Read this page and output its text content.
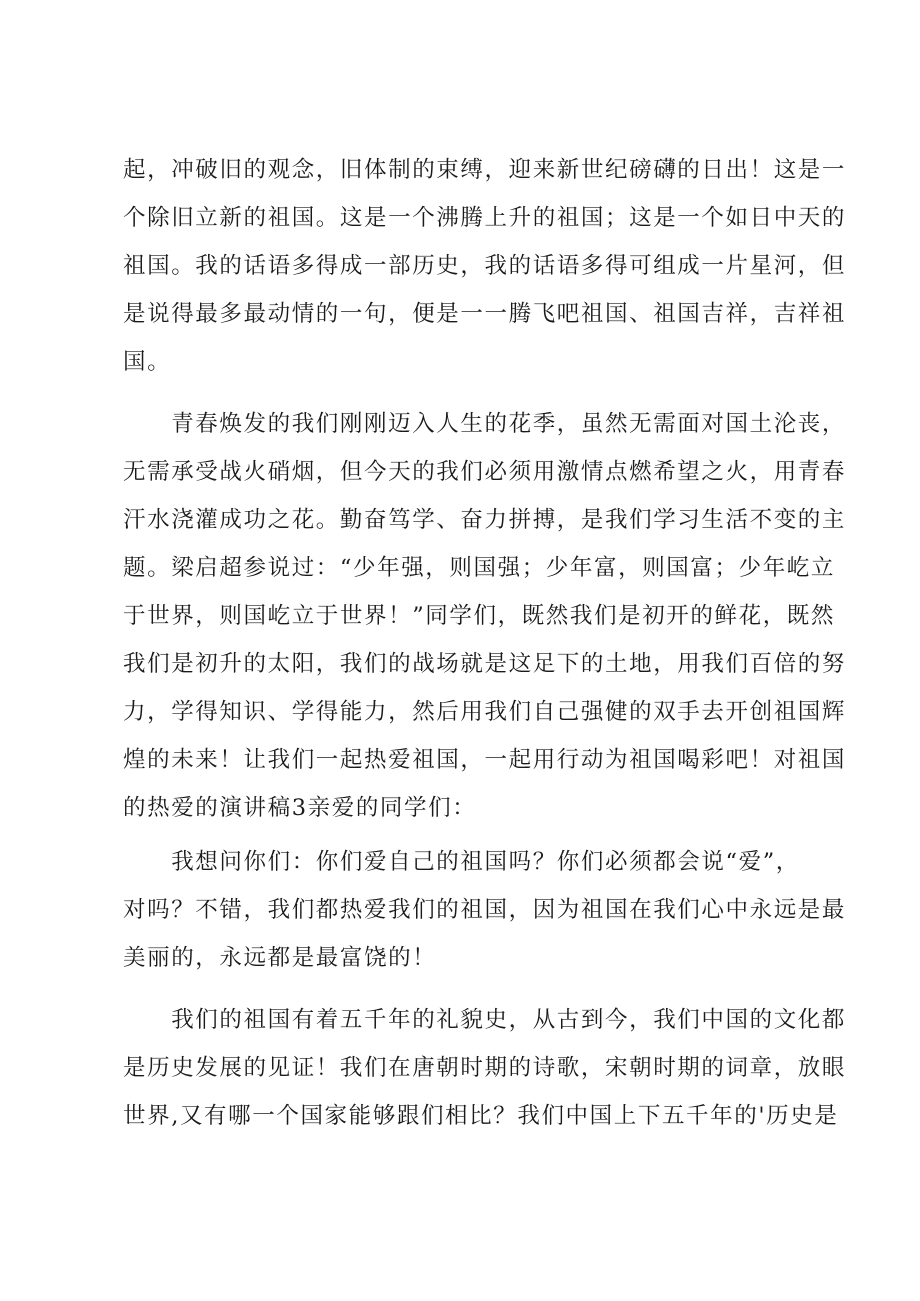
起，冲破旧的观念，旧体制的束缚，迎来新世纪磅礴的日出！这是一
个除旧立新的祖国。这是一个沸腾上升的祖国；这是一个如日中天的
祖国。我的话语多得成一部历史，我的话语多得可组成一片星河，但
是说得最多最动情的一句，便是一一腾飞吧祖国、祖国吉祥，吉祥祖
国。
　　青春焕发的我们刚刚迈入人生的花季，虽然无需面对国土沦丧，
无需承受战火硝烟，但今天的我们必须用激情点燃希望之火，用青春
汗水浇灌成功之花。勤奋笃学、奋力拼搏，是我们学习生活不变的主
题。梁启超参说过：“少年强，则国强；少年富，则国富；少年屹立
于世界，则国屹立于世界！”同学们，既然我们是初开的鲜花，既然
我们是初升的太阳，我们的战场就是这足下的土地，用我们百倍的努
力，学得知识、学得能力，然后用我们自己强健的双手去开创祖国辉
煌的未来！让我们一起热爱祖国，一起用行动为祖国喝彩吧！对祖国
的热爱的演讲稿3亲爱的同学们：
　　我想问你们：你们爱自己的祖国吗？你们必须都会说“爱”，
对吗？不错，我们都热爱我们的祖国，因为祖国在我们心中永远是最
美丽的，永远都是最富饶的！
　　我们的祖国有着五千年的礼貌史，从古到今，我们中国的文化都
是历史发展的见证！我们在唐朝时期的诗歌，宋朝时期的词章，放眼
世界,又有哪一个国家能够跟们相比？我们中国上下五千年的'历史是
